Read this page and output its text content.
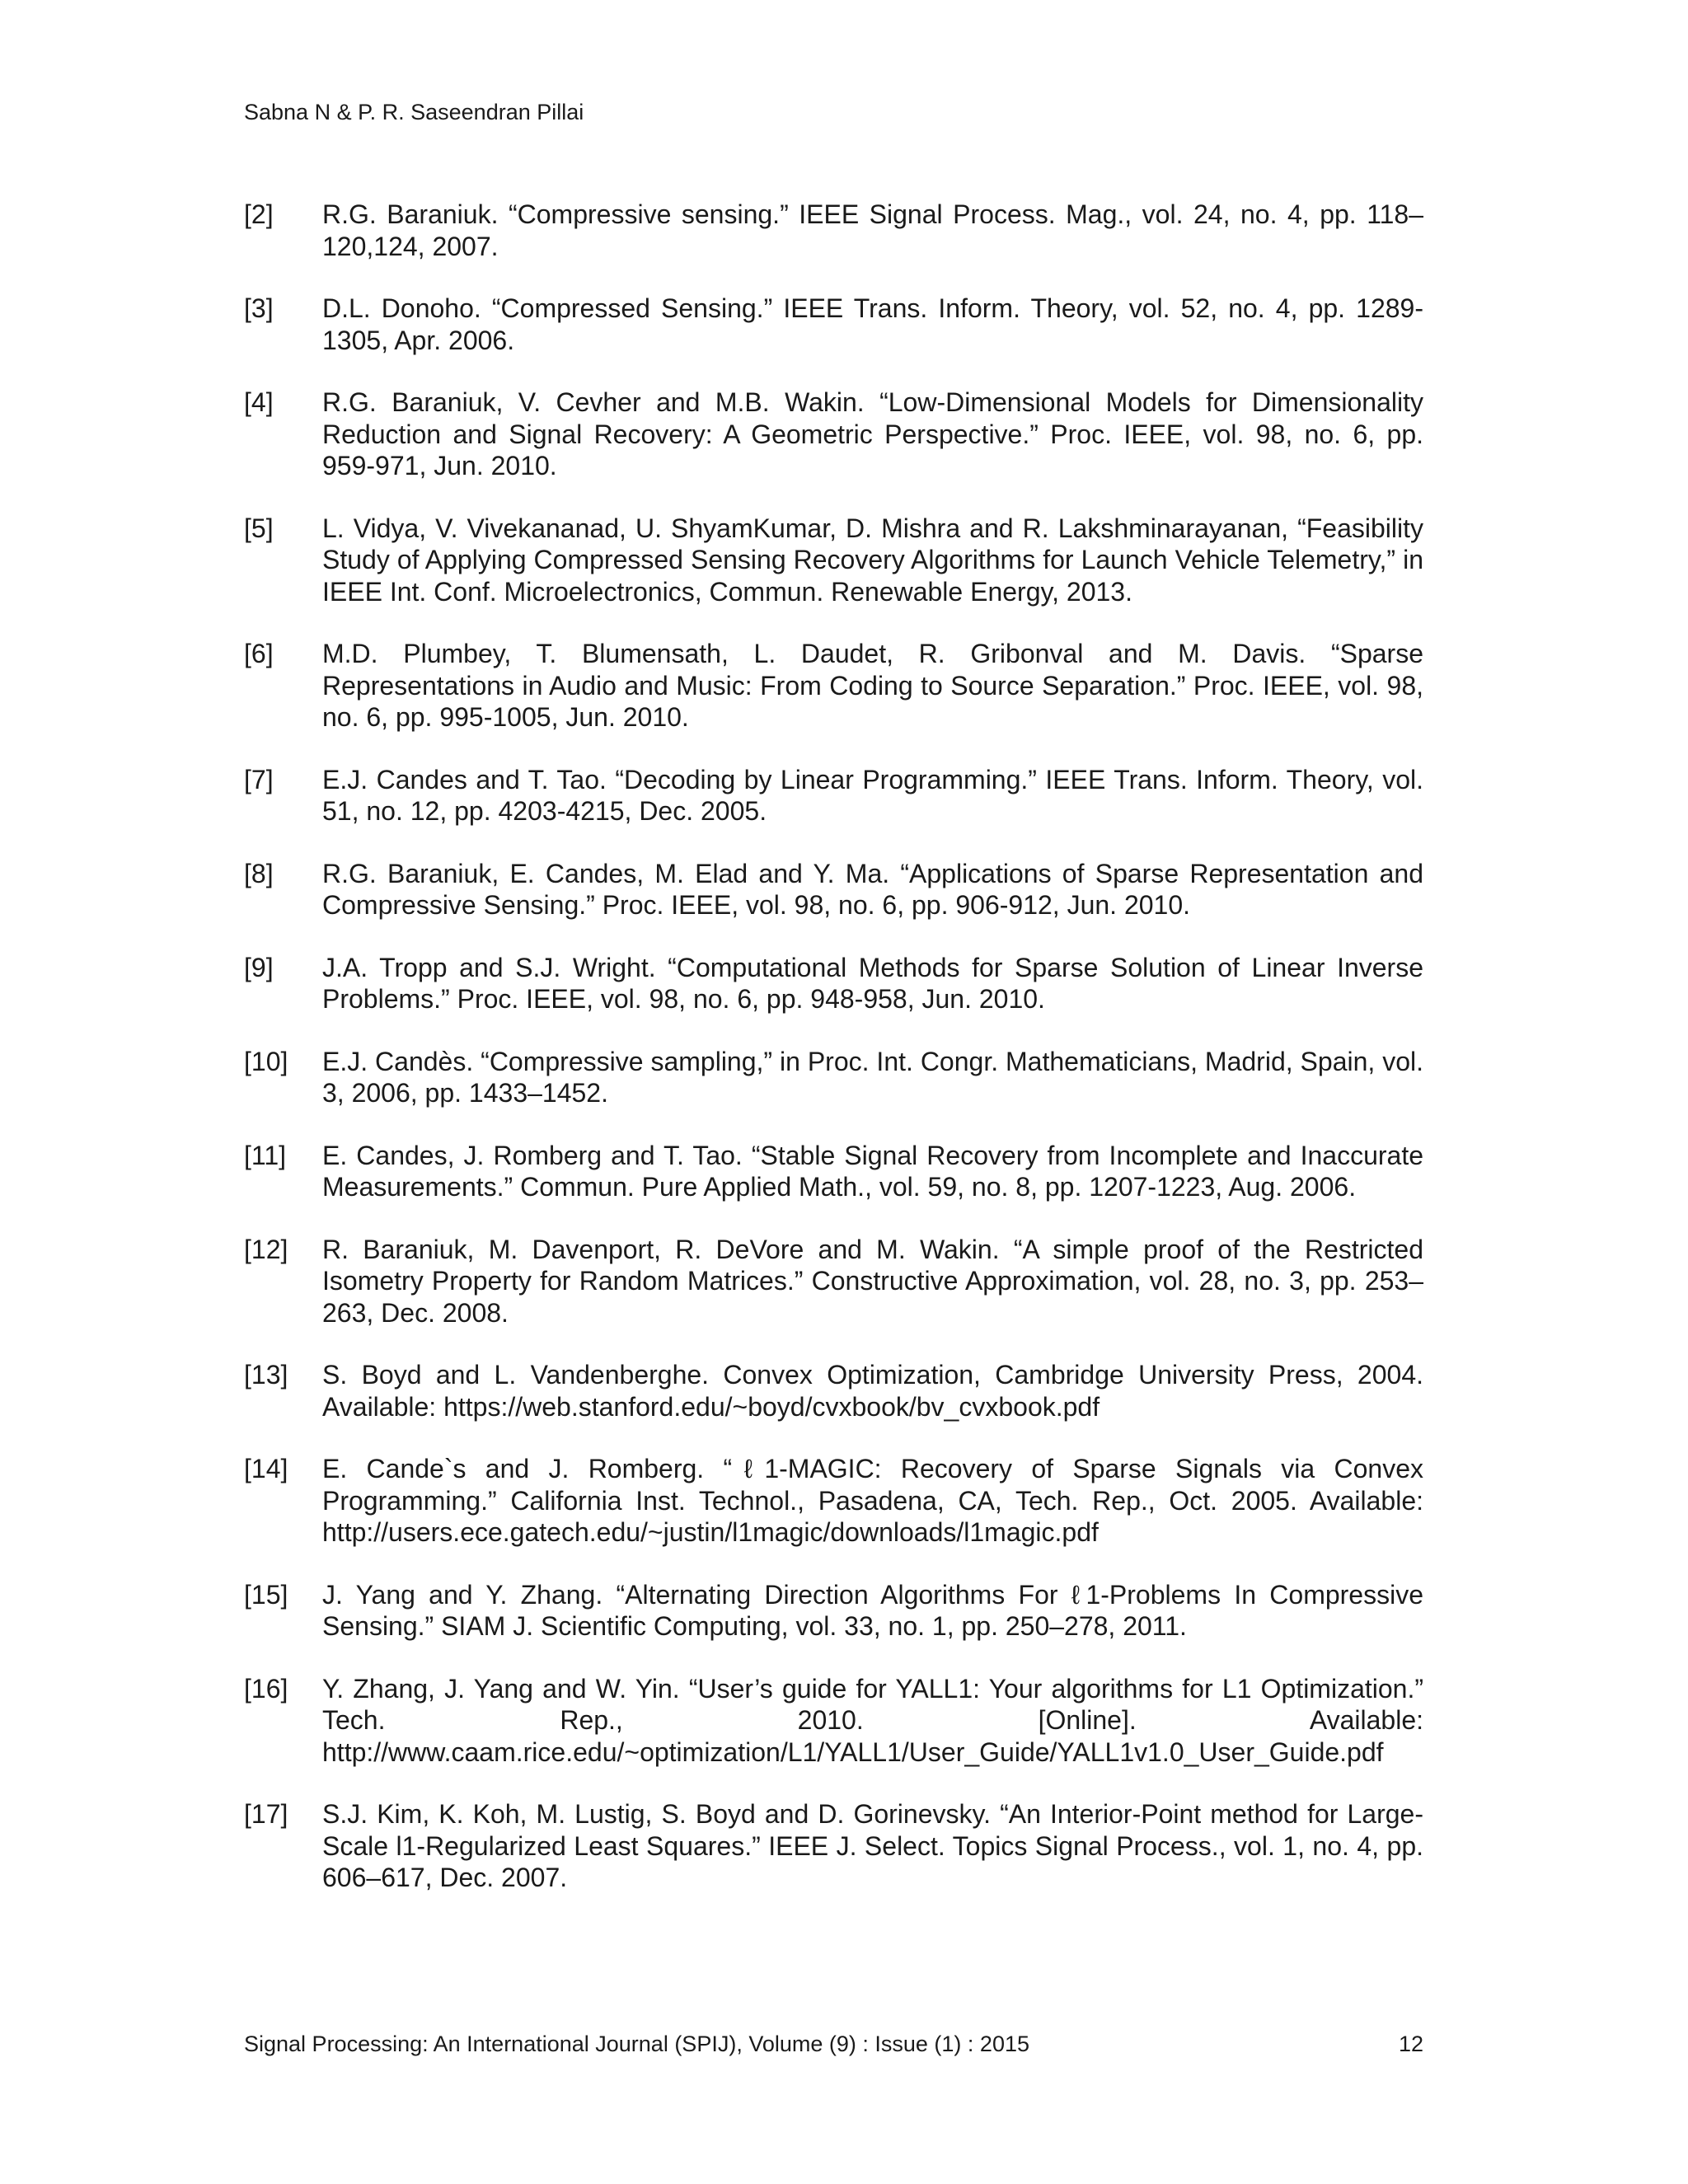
Sabna N & P. R. Saseendran Pillai
[2] R.G. Baraniuk. “Compressive sensing.” IEEE Signal Process. Mag., vol. 24, no. 4, pp. 118–120,124, 2007.
[3] D.L. Donoho. “Compressed Sensing.” IEEE Trans. Inform. Theory, vol. 52, no. 4, pp. 1289-1305, Apr. 2006.
[4] R.G. Baraniuk, V. Cevher and M.B. Wakin. “Low-Dimensional Models for Dimensionality Reduction and Signal Recovery: A Geometric Perspective.” Proc. IEEE, vol. 98, no. 6, pp. 959-971, Jun. 2010.
[5] L. Vidya, V. Vivekananad, U. ShyamKumar, D. Mishra and R. Lakshminarayanan, “Feasibility Study of Applying Compressed Sensing Recovery Algorithms for Launch Vehicle Telemetry,” in IEEE Int. Conf. Microelectronics, Commun. Renewable Energy, 2013.
[6] M.D. Plumbey, T. Blumensath, L. Daudet, R. Gribonval and M. Davis. “Sparse Representations in Audio and Music: From Coding to Source Separation.” Proc. IEEE, vol. 98, no. 6, pp. 995-1005, Jun. 2010.
[7] E.J. Candes and T. Tao. “Decoding by Linear Programming.” IEEE Trans. Inform. Theory, vol. 51, no. 12, pp. 4203-4215, Dec. 2005.
[8] R.G. Baraniuk, E. Candes, M. Elad and Y. Ma. “Applications of Sparse Representation and Compressive Sensing.” Proc. IEEE, vol. 98, no. 6, pp. 906-912, Jun. 2010.
[9] J.A. Tropp and S.J. Wright. “Computational Methods for Sparse Solution of Linear Inverse Problems.” Proc. IEEE, vol. 98, no. 6, pp. 948-958, Jun. 2010.
[10] E.J. Candès. “Compressive sampling,” in Proc. Int. Congr. Mathematicians, Madrid, Spain, vol. 3, 2006, pp. 1433–1452.
[11] E. Candes, J. Romberg and T. Tao. “Stable Signal Recovery from Incomplete and Inaccurate Measurements.” Commun. Pure Applied Math., vol. 59, no. 8, pp. 1207-1223, Aug. 2006.
[12] R. Baraniuk, M. Davenport, R. DeVore and M. Wakin. “A simple proof of the Restricted Isometry Property for Random Matrices.” Constructive Approximation, vol. 28, no. 3, pp. 253–263, Dec. 2008.
[13] S. Boyd and L. Vandenberghe. Convex Optimization, Cambridge University Press, 2004. Available: https://web.stanford.edu/~boyd/cvxbook/bv_cvxbook.pdf
[14] E. Cande`s and J. Romberg. “ℓ1-MAGIC: Recovery of Sparse Signals via Convex Programming.” California Inst. Technol., Pasadena, CA, Tech. Rep., Oct. 2005. Available: http://users.ece.gatech.edu/~justin/l1magic/downloads/l1magic.pdf
[15] J. Yang and Y. Zhang. “Alternating Direction Algorithms For ℓ1-Problems In Compressive Sensing.” SIAM J. Scientific Computing, vol. 33, no. 1, pp. 250–278, 2011.
[16] Y. Zhang, J. Yang and W. Yin. “User’s guide for YALL1: Your algorithms for L1 Optimization.” Tech. Rep., 2010. [Online]. Available: http://www.caam.rice.edu/~optimization/L1/YALL1/User_Guide/YALL1v1.0_User_Guide.pdf
[17] S.J. Kim, K. Koh, M. Lustig, S. Boyd and D. Gorinevsky. “An Interior-Point method for Large-Scale l1-Regularized Least Squares.” IEEE J. Select. Topics Signal Process., vol. 1, no. 4, pp. 606–617, Dec. 2007.
Signal Processing: An International Journal (SPIJ), Volume (9) : Issue (1) : 2015	12
